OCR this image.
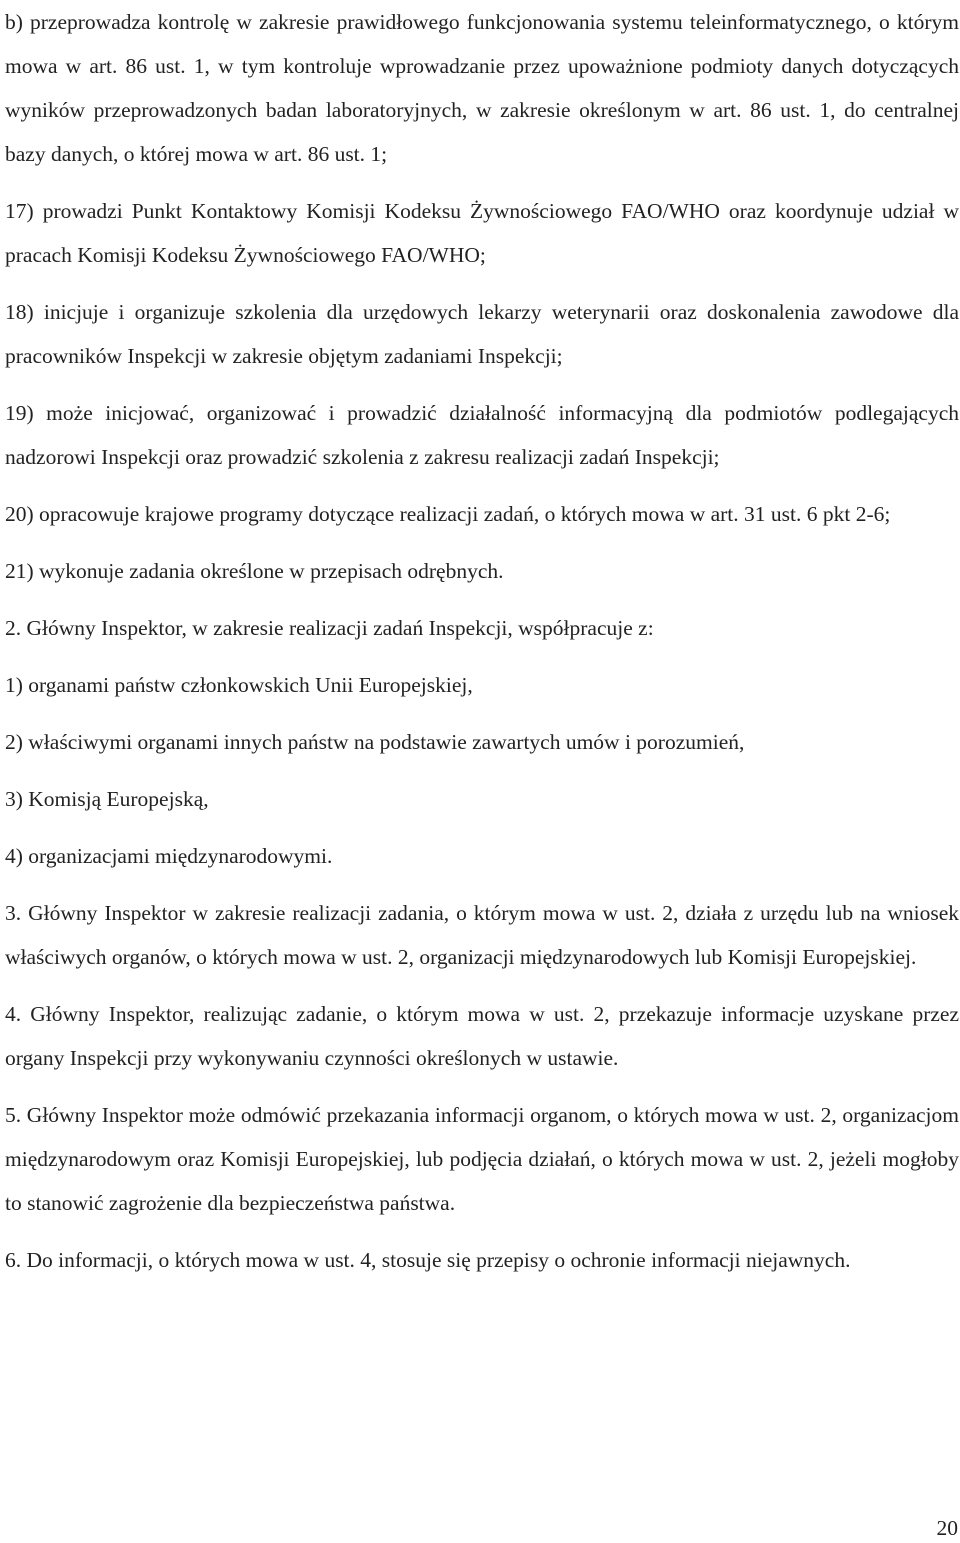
b) przeprowadza kontrolę w zakresie prawidłowego funkcjonowania systemu teleinformatycznego, o którym mowa w art. 86 ust. 1, w tym kontroluje wprowadzanie przez upoważnione podmioty danych dotyczących wyników przeprowadzonych badan laboratoryjnych, w zakresie określonym w art. 86 ust. 1, do centralnej bazy danych, o której mowa w art. 86 ust. 1;

17) prowadzi Punkt Kontaktowy Komisji Kodeksu Żywnościowego FAO/WHO oraz koordynuje udział w pracach Komisji Kodeksu Żywnościowego FAO/WHO;

18) inicjuje i organizuje szkolenia dla urzędowych lekarzy weterynarii oraz doskonalenia zawodowe dla pracowników Inspekcji w zakresie objętym zadaniami Inspekcji;

19) może inicjować, organizować i prowadzić działalność informacyjną dla podmiotów podlegających nadzorowi Inspekcji oraz prowadzić szkolenia z zakresu realizacji zadań Inspekcji;

20) opracowuje krajowe programy dotyczące realizacji zadań, o których mowa w art. 31 ust. 6 pkt 2-6;

21) wykonuje zadania określone w przepisach odrębnych.

2. Główny Inspektor, w zakresie realizacji zadań Inspekcji, współpracuje z:

1) organami państw członkowskich Unii Europejskiej,

2) właściwymi organami innych państw na podstawie zawartych umów i porozumień,

3) Komisją Europejską,

4) organizacjami międzynarodowymi.

3. Główny Inspektor w zakresie realizacji zadania, o którym mowa w ust. 2, działa z urzędu lub na wniosek właściwych organów, o których mowa w ust. 2, organizacji międzynarodowych lub Komisji Europejskiej.

4. Główny Inspektor, realizując zadanie, o którym mowa w ust. 2, przekazuje informacje uzyskane przez organy Inspekcji przy wykonywaniu czynności określonych w ustawie.

5. Główny Inspektor może odmówić przekazania informacji organom, o których mowa w ust. 2, organizacjom międzynarodowym oraz Komisji Europejskiej, lub podjęcia działań, o których mowa w ust. 2, jeżeli mogłoby to stanowić zagrożenie dla bezpieczeństwa państwa.

6. Do informacji, o których mowa w ust. 4, stosuje się przepisy o ochronie informacji niejawnych.

20
